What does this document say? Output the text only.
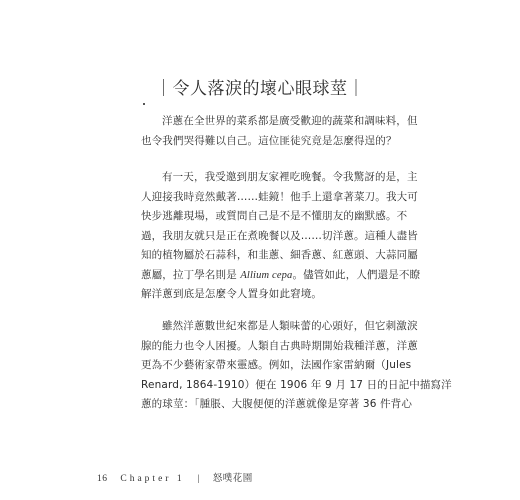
｜令人落淚的壞心眼球莖｜
洋蔥在全世界的菜系都是廣受歡迎的蔬菜和調味料，但
也令我們哭得難以自己。這位匪徒究竟是怎麼得逞的？
有一天，我受邀到朋友家裡吃晚餐。令我驚訝的是，主
人迎接我時竟然戴著……蛙鏡！他手上還拿著菜刀。我大可
快步逃離現場，或質問自己是不是不懂朋友的幽默感。不
過，我朋友就只是正在煮晚餐以及……切洋蔥。這種人盡皆
知的植物屬於石蒜科，和韭蔥、細香蔥、紅蔥頭、大蒜同屬
蔥屬，拉丁學名則是 Allium cepa。儘管如此，人們還是不瞭
解洋蔥到底是怎麼令人置身如此窘境。
雖然洋蔥數世紀來都是人類味蕾的心頭好，但它刺激淚
腺的能力也令人困擾。人類自古典時期開始栽種洋蔥，洋蔥
更為不少藝術家帶來靈感。例如，法國作家雷納爾（Jules
Renard, 1864-1910）便在 1906 年 9 月 17 日的日記中描寫洋
蔥的球莖：「腫脹、大腹便便的洋蔥就像是穿著 36 件背心
16 Chapter 1 | 怒噗花園
